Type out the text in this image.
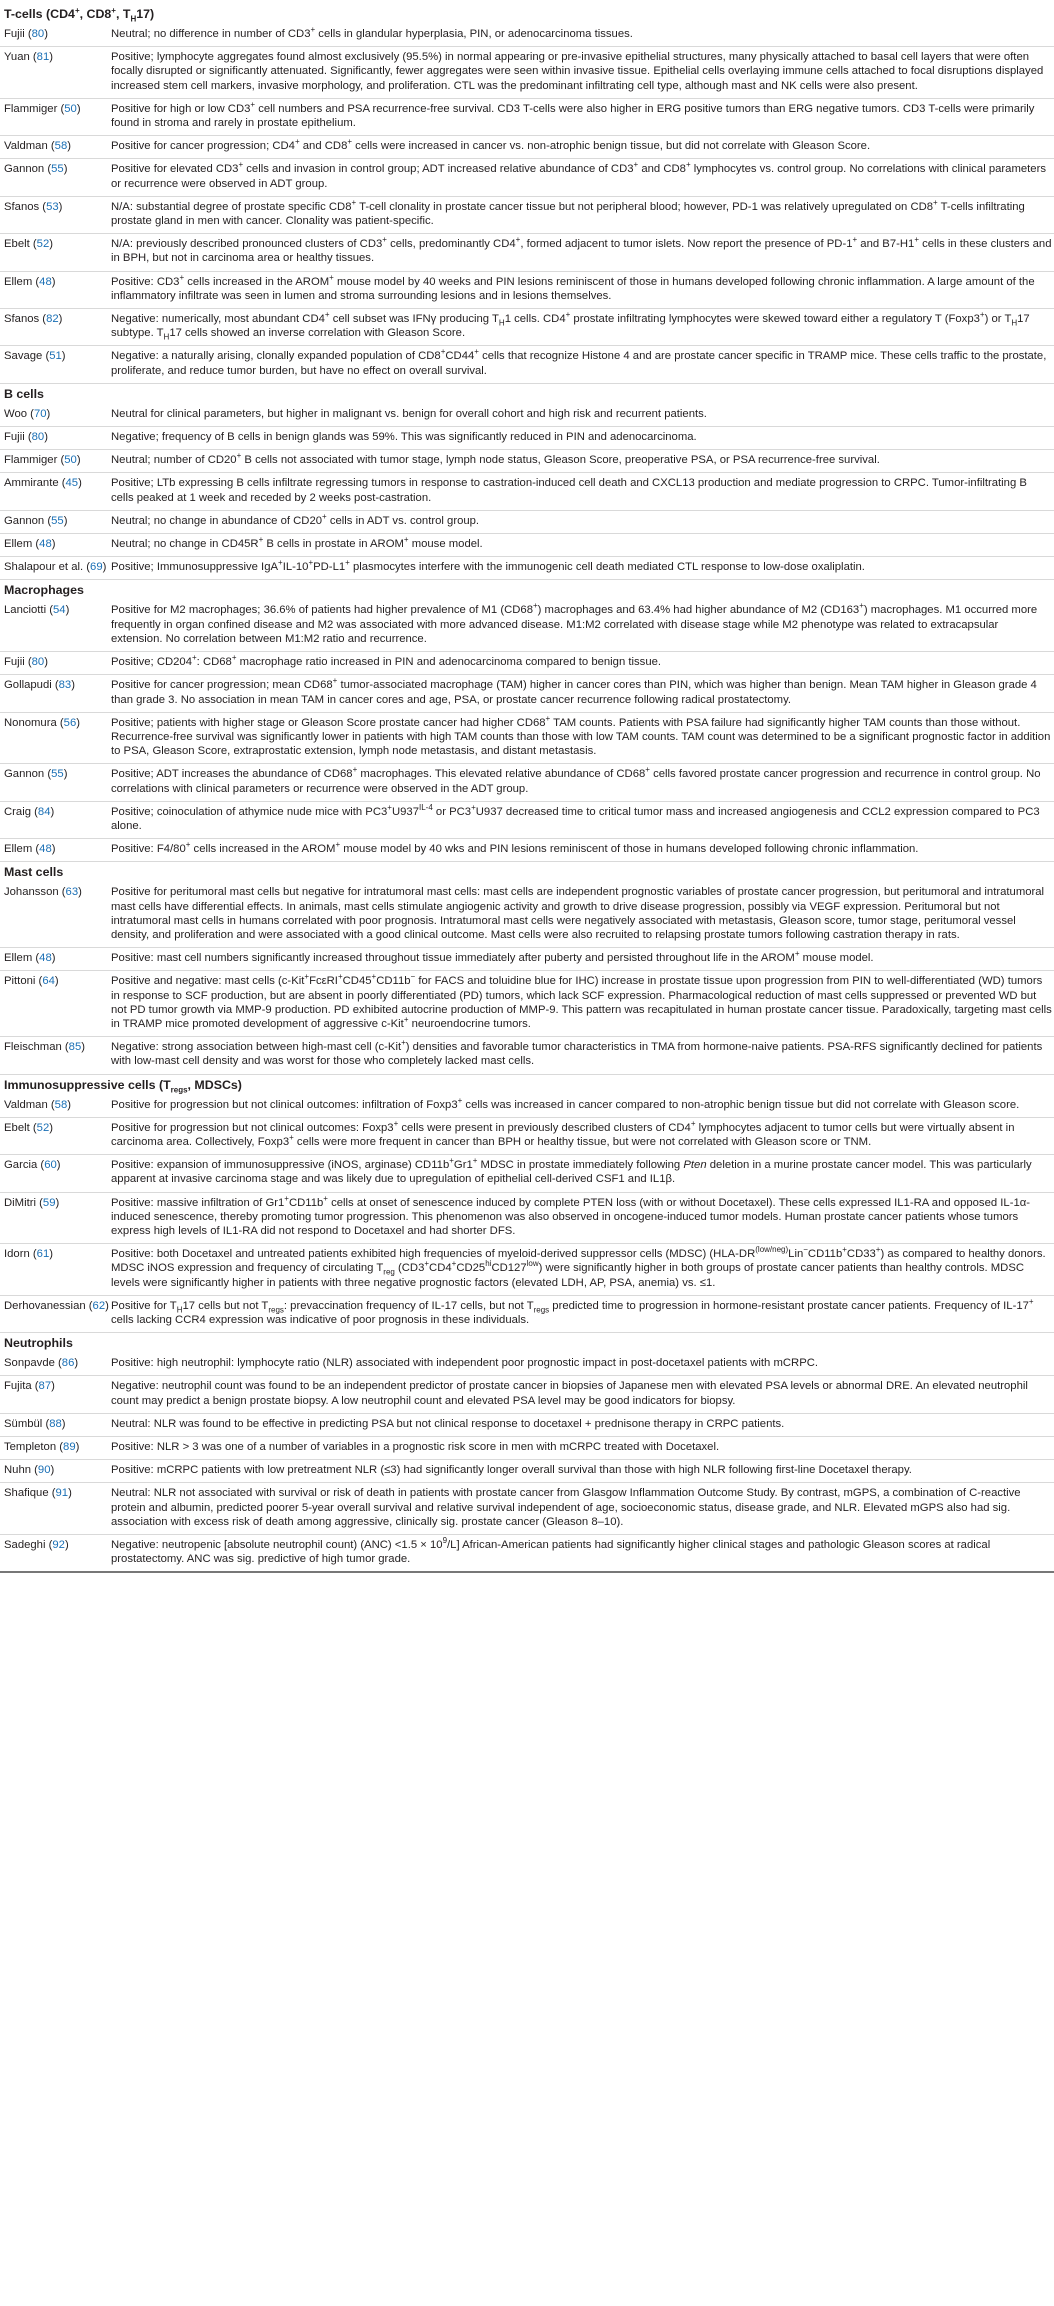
T-cells (CD4+, CD8+, $T_H17$)
Fujii (80)	Neutral; no difference in number of CD3+ cells in glandular hyperplasia, PIN, or adenocarcinoma tissues.
Yuan (81)	Positive; lymphocyte aggregates found almost exclusively (95.5%) in normal appearing or pre-invasive epithelial structures, many physically attached to basal cell layers that were often focally disrupted or significantly attenuated. Significantly, fewer aggregates were seen within invasive tissue. Epithelial cells overlaying immune cells attached to focal disruptions displayed increased stem cell markers, invasive morphology, and proliferation. CTL was the predominant infiltrating cell type, although mast and NK cells were also present.
Flammiger (50)	Positive for high or low CD3+ cell numbers and PSA recurrence-free survival. CD3 T-cells were also higher in ERG positive tumors than ERG negative tumors. CD3 T-cells were primarily found in stroma and rarely in prostate epithelium.
Valdman (58)	Positive for cancer progression; CD4+ and CD8+ cells were increased in cancer vs. non-atrophic benign tissue, but did not correlate with Gleason Score.
Gannon (55)	Positive for elevated CD3+ cells and invasion in control group; ADT increased relative abundance of CD3+ and CD8+ lymphocytes vs. control group. No correlations with clinical parameters or recurrence were observed in ADT group.
Sfanos (53)	N/A: substantial degree of prostate specific CD8+ T-cell clonality in prostate cancer tissue but not peripheral blood; however, PD-1 was relatively upregulated on CD8+ T-cells infiltrating prostate gland in men with cancer. Clonality was patient-specific.
Ebelt (52)	N/A: previously described pronounced clusters of CD3+ cells, predominantly CD4+, formed adjacent to tumor islets. Now report the presence of PD-1+ and B7-H1+ cells in these clusters and in BPH, but not in carcinoma area or healthy tissues.
Ellem (48)	Positive: CD3+ cells increased in the AROM+ mouse model by 40 weeks and PIN lesions reminiscent of those in humans developed following chronic inflammation. A large amount of the inflammatory infiltrate was seen in lumen and stroma surrounding lesions and in lesions themselves.
Sfanos (82)	Negative: numerically, most abundant CD4+ cell subset was IFNγ producing $T_H1$ cells. CD4+ prostate infiltrating lymphocytes were skewed toward either a regulatory T (Foxp3+) or $T_H17$ subtype. $T_H17$ cells showed an inverse correlation with Gleason Score.
Savage (51)	Negative: a naturally arising, clonally expanded population of CD8+CD44+ cells that recognize Histone 4 and are prostate cancer specific in TRAMP mice. These cells traffic to the prostate, proliferate, and reduce tumor burden, but have no effect on overall survival.
B cells
Woo (70)	Neutral for clinical parameters, but higher in malignant vs. benign for overall cohort and high risk and recurrent patients.
Fujii (80)	Negative; frequency of B cells in benign glands was 59%. This was significantly reduced in PIN and adenocarcinoma.
Flammiger (50)	Neutral; number of CD20+ B cells not associated with tumor stage, lymph node status, Gleason Score, preoperative PSA, or PSA recurrence-free survival.
Ammirante (45)	Positive; LTb expressing B cells infiltrate regressing tumors in response to castration-induced cell death and CXCL13 production and mediate progression to CRPC. Tumor-infiltrating B cells peaked at 1 week and receded by 2 weeks post-castration.
Gannon (55)	Neutral; no change in abundance of CD20+ cells in ADT vs. control group.
Ellem (48)	Neutral; no change in CD45R+ B cells in prostate in AROM+ mouse model.
Shalapour et al. (69) Positive; Immunosuppressive IgA+IL-10+PD-L1+ plasmocytes interfere with the immunogenic cell death mediated CTL response to low-dose oxaliplatin.
Macrophages
Lanciotti (54)	Positive for M2 macrophages; 36.6% of patients had higher prevalence of M1 (CD68+) macrophages and 63.4% had higher abundance of M2 (CD163+) macrophages. M1 occurred more frequently in organ confined disease and M2 was associated with more advanced disease. M1:M2 correlated with disease stage while M2 phenotype was related to extracapsular extension. No correlation between M1:M2 ratio and recurrence.
Fujii (80)	Positive; CD204+: CD68+ macrophage ratio increased in PIN and adenocarcinoma compared to benign tissue.
Gollapudi (83)	Positive for cancer progression; mean CD68+ tumor-associated macrophage (TAM) higher in cancer cores than PIN, which was higher than benign. Mean TAM higher in Gleason grade 4 than grade 3. No association in mean TAM in cancer cores and age, PSA, or prostate cancer recurrence following radical prostatectomy.
Nonomura (56)	Positive; patients with higher stage or Gleason Score prostate cancer had higher CD68+ TAM counts. Patients with PSA failure had significantly higher TAM counts than those without. Recurrence-free survival was significantly lower in patients with high TAM counts than those with low TAM counts. TAM count was determined to be a significant prognostic factor in addition to PSA, Gleason Score, extraprostatic extension, lymph node metastasis, and distant metastasis.
Gannon (55)	Positive; ADT increases the abundance of CD68+ macrophages. This elevated relative abundance of CD68+ cells favored prostate cancer progression and recurrence in control group. No correlations with clinical parameters or recurrence were observed in the ADT group.
Craig (84)	Positive; coinoculation of athymice nude mice with $PC3^+U937^{IL-4}$ or PC3+U937 decreased time to critical tumor mass and increased angiogenesis and CCL2 expression compared to PC3 alone.
Ellem (48)	Positive: F4/80+ cells increased in the AROM+ mouse model by 40 wks and PIN lesions reminiscent of those in humans developed following chronic inflammation.
Mast cells
Johansson (63)	Positive for peritumoral mast cells but negative for intratumoral mast cells: mast cells are independent prognostic variables of prostate cancer progression, but peritumoral and intratumoral mast cells have differential effects. In animals, mast cells stimulate angiogenic activity and growth to drive disease progression, possibly via VEGF expression. Peritumoral but not intratumoral mast cells in humans correlated with poor prognosis. Intratumoral mast cells were negatively associated with metastasis, Gleason score, tumor stage, peritumoral vessel density, and proliferation and were associated with a good clinical outcome. Mast cells were also recruited to relapsing prostate tumors following castration therapy in rats.
Ellem (48)	Positive: mast cell numbers significantly increased throughout tissue immediately after puberty and persisted throughout life in the AROM+ mouse model.
Pittoni (64)	Positive and negative: mast cells (c-Kit+FcεRI+CD45+CD11b− for FACS and toluidine blue for IHC) increase in prostate tissue upon progression from PIN to well-differentiated (WD) tumors in response to SCF production, but are absent in poorly differentiated (PD) tumors, which lack SCF expression. Pharmacological reduction of mast cells suppressed or prevented WD but not PD tumor growth via MMP-9 production. PD exhibited autocrine production of MMP-9. This pattern was recapitulated in human prostate cancer tissue. Paradoxically, targeting mast cells in TRAMP mice promoted development of aggressive c-Kit+ neuroendocrine tumors.
Fleischman (85)	Negative: strong association between high-mast cell (c-Kit+) densities and favorable tumor characteristics in TMA from hormone-naive patients. PSA-RFS significantly declined for patients with low-mast cell density and was worst for those who completely lacked mast cells.
Immunosuppressive cells ($T_{regs}$, MDSCs)
Valdman (58)	Positive for progression but not clinical outcomes: infiltration of Foxp3+ cells was increased in cancer compared to non-atrophic benign tissue but did not correlate with Gleason score.
Ebelt (52)	Positive for progression but not clinical outcomes: Foxp3+ cells were present in previously described clusters of CD4+ lymphocytes adjacent to tumor cells but were virtually absent in carcinoma area. Collectively, Foxp3+ cells were more frequent in cancer than BPH or healthy tissue, but were not correlated with Gleason score or TNM.
Garcia (60)	Positive: expansion of immunosuppressive (iNOS, arginase) CD11b+Gr1+ MDSC in prostate immediately following Pten deletion in a murine prostate cancer model. This was particularly apparent at invasive carcinoma stage and was likely due to upregulation of epithelial cell-derived CSF1 and IL1β.
DiMitri (59)	Positive: massive infiltration of Gr1+CD11b+ cells at onset of senescence induced by complete PTEN loss (with or without Docetaxel). These cells expressed IL1-RA and opposed IL-1α-induced senescence, thereby promoting tumor progression. This phenomenon was also observed in oncogene-induced tumor models. Human prostate cancer patients whose tumors express high levels of IL1-RA did not respond to Docetaxel and had shorter DFS.
Idorn (61)	Positive: both Docetaxel and untreated patients exhibited high frequencies of myeloid-derived suppressor cells (MDSC) $(HLA-DR^{(low/neg)}Lin^-CD11b^+CD33^+)$ as compared to healthy donors. MDSC iNOS expression and frequency of circulating $T_{reg}$ $(CD3^+CD4^+CD25^{hi}CD127^{low})$ were significantly higher in both groups of prostate cancer patients than healthy controls. MDSC levels were significantly higher in patients with three negative prognostic factors (elevated LDH, AP, PSA, anemia) vs. ≤1.
Derhovanessian (62) Positive for $T_H17$ cells but not $T_{regs}$: prevaccination frequency of IL-17 cells, but not $T_{regs}$ predicted time to progression in hormone-resistant prostate cancer patients. Frequency of IL-17+ cells lacking CCR4 expression was indicative of poor prognosis in these individuals.
Neutrophils
Sonpavde (86)	Positive: high neutrophil: lymphocyte ratio (NLR) associated with independent poor prognostic impact in post-docetaxel patients with mCRPC.
Fujita (87)	Negative: neutrophil count was found to be an independent predictor of prostate cancer in biopsies of Japanese men with elevated PSA levels or abnormal DRE. An elevated neutrophil count may predict a benign prostate biopsy. A low neutrophil count and elevated PSA level may be good indicators for biopsy.
Sümbül (88)	Neutral: NLR was found to be effective in predicting PSA but not clinical response to docetaxel + prednisone therapy in CRPC patients.
Templeton (89)	Positive: NLR > 3 was one of a number of variables in a prognostic risk score in men with mCRPC treated with Docetaxel.
Nuhn (90)	Positive: mCRPC patients with low pretreatment NLR (≤3) had significantly longer overall survival than those with high NLR following first-line Docetaxel therapy.
Shafique (91)	Neutral: NLR not associated with survival or risk of death in patients with prostate cancer from Glasgow Inflammation Outcome Study. By contrast, mGPS, a combination of C-reactive protein and albumin, predicted poorer 5-year overall survival and relative survival independent of age, socioeconomic status, disease grade, and NLR. Elevated mGPS also had sig. association with excess risk of death among aggressive, clinically sig. prostate cancer (Gleason 8–10).
Sadeghi (92)	Negative: neutropenic [absolute neutrophil count) $(ANC) <1.5 \times 10^9/L$] African-American patients had significantly higher clinical stages and pathologic Gleason scores at radical prostatectomy. ANC was sig. predictive of high tumor grade.
